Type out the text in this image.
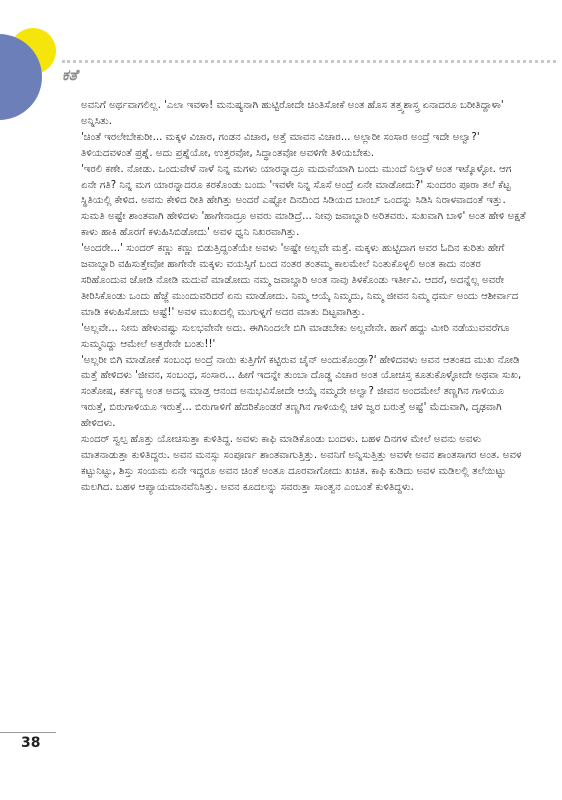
ಕತೆ

ಅವನಿಗೆ ಅರ್ಥವಾಗಲಿಲ್ಲ. 'ಎಲಾ ಇವಳಾ! ಮನುಷ್ಯನಾಗಿ ಹುಟ್ಟಿರೋದೇ ಚಿಂತಿಸೋಕೆ ಅಂತ ಹೊಸ ತತ್ತ್ವಶಾಸ್ತ್ರ ಏನಾದರೂ ಬರೀತಿದ್ದಾಳಾ' ಅನ್ನಿಸಿತು.

'ಚಿಂತೆ ಇರಲೇಬೇಕುರೀ... ಮಕ್ಕಳ ವಿಚಾರ, ಗಂಡನ ವಿಚಾರ, ಅತ್ತೆ ಮಾವನ ವಿಚಾರ... ಅಲ್ಲಾರೀ ಸಂಸಾರ ಅಂದ್ರೆ ಇದೇ ಅಲ್ವಾ?' ತಿಳಿಯದವಳಂತೆ ಪ್ರಶ್ನೆ. ಅದು ಪ್ರಶ್ನೆಯೋ, ಉತ್ತರವೋ, ಸಿದ್ಧಾಂತವೋ ಅವಳಿಗೇ ತಿಳಿಯಬೇಕು.

'ಇರಲಿ ಕಣೇ. ನೋಡು. ಒಂದುವೇಳೆ ನಾಳೆ ನಿನ್ನ ಮಗಳು ಯಾರನ್ನಾದ್ರೂ ಮದುವೆಯಾಗಿ ಬಂದು ಮುಂದೆ ನಿಲ್ತಾಳೆ ಅಂತ ಇಟ್ಕೊಳ್ಳೋ. ಆಗ ಏನೇ ಗತಿ? ನಿನ್ನ ಮಗ ಯಾರನ್ನಾದರೂ ಕರಕೊಂಡು ಬಂದು 'ಇವಳೇ ನಿನ್ನ ಸೊಸೆ ಅಂದ್ರೆ ಏನೇ ಮಾಡೋದು?' ಸುಂದರಂ ಪೂರಾ ತಲೆ ಕೆಟ್ಟ ಸ್ಥಿತಿಯಲ್ಲಿ ಕೇಳಿದ. ಅವನು ಕೇಳಿದ ರೀತಿ ಹೇಗಿತ್ತು ಅಂದರೆ ಎಷ್ಟೋ ದಿನದಿಂದ ಸಿಡಿಯದ ಬಾಂಬ್ ಒಂದನ್ನು ಸಿಡಿಸಿ ನಿರಾಳವಾದಂತೆ ಇತ್ತು.

ಸುಮತಿ ಅಷ್ಟೇ ಶಾಂತವಾಗಿ ಹೇಳಿದಳು 'ಹಾಗೇನಾದ್ರೂ ಅವರು ಮಾಡಿದ್ರೆ... ನೀವು ಜವಾಬ್ದಾರಿ ಅರಿತವರು. ಸುಖವಾಗಿ ಬಾಳಿ' ಅಂತ ಹೇಳಿ ಅಕ್ಷತೆ ಕಾಳು ಹಾಕಿ ಹೊರಗೆ ಕಳುಹಿಸಿಬಿಡೋದು' ಅವಳ ಧ್ವನಿ ನಿಖರವಾಗಿತ್ತು.

'ಅಂದರೇ...' ಸುಂದರ್ ಕಣ್ಣು ಕಣ್ಣು ಬಿಡುತ್ತಿದ್ದಂತೆಯೇ ಅವಳು 'ಅಷ್ಟೇ ಅಲ್ಲವೇ ಮತ್ತೆ. ಮಕ್ಕಳು ಹುಟ್ಟಿದಾಗ ಅವರ ಓದಿನ ಕುರಿತು ಹೇಗೆ ಜವಾಬ್ದಾರಿ ವಹಿಸುತ್ತೇವೋ ಹಾಗೇನೇ ಮಕ್ಕಳು ವಯಸ್ಸಿಗೆ ಬಂದ ನಂತರ ತಂತಮ್ಮ ಕಾಲಮೇಲೆ ನಿಂತುಕೊಳ್ಳಲಿ ಅಂತ ಕಾದು ನಂತರ ಸರಿಹೊಂದುವ ಜೋಡಿ ನೋಡಿ ಮದುವೆ ಮಾಡೋದು ನಮ್ಮ ಜವಾಬ್ದಾರಿ ಅಂತ ನಾವು ತಿಳಕೊಂಡು ಇರ್ತೀವಿ. ಆದರೆ, ಅದನ್ನೆಲ್ಲ ಅವರೇ ತೀರಿಸಿಕೊಂಡು ಒಂದು ಹೆಜ್ಜೆ ಮುಂದುವರಿದರೆ ಏನು ಮಾಡೋದು. ನಿಮ್ಮ ಆಯ್ಕೆ ನಿಮ್ಮದು, ನಿಮ್ಮ ಜೀವನ ನಿಮ್ಮ ಧರ್ಮ ಅಂದು ಆಶೀರ್ವಾದ ಮಾಡಿ ಕಳುಹಿಸೋದು ಅಷ್ಟೆ!' ಅವಳ ಮುಖದಲ್ಲಿ ಮುಗುಳ್ನಗೆ ಅದರ ಮಾತು ದಿಟ್ಟವಾಗಿತ್ತು.

'ಅಲ್ಲವೇ... ನೀನು ಹೇಳುವಷ್ಟು ಸುಲಭವೇನೇ ಅದು. ಈಗಿನಿಂದಲೇ ಬಿಗಿ ಮಾಡಬೇಕು ಅಲ್ಲವೇನೇ. ಹಾಗೆ ಹದ್ದು ಮೀರಿ ನಡೆಯುವವರೆಗೂ ಸುಮ್ಮನಿದ್ದು ಆಮೇಲೆ ಅತ್ತರೇನೇ ಬಂತು!!'

'ಅಲ್ಲರೀ ಬಿಗಿ ಮಾಡೋಕೆ ಸಂಬಂಧ ಅಂದ್ರೆ ನಾಯಿ ಕುತ್ತಿಗೆಗೆ ಕಟ್ಟಿರುವ ಚೈನ್ ಅಂದುಕೊಂಡ್ರಾ?' ಹೇಳಿದವಳು ಅವನ ಆತಂಕದ ಮುಖ ನೋಡಿ ಮತ್ತೆ ಹೇಳಿದಳು 'ಜೀವನ, ಸಂಬಂಧ, ಸಂಸಾರ... ಹೀಗೆ ಇದನ್ನೇ ತುಂಬಾ ದೊಡ್ಡ ವಿಚಾರ ಅಂತ ಯೋಚಿಸ್ತ ಕೂತುಕೊಳ್ಳೋದೇ ಅಥವಾ ಸುಖ, ಸಂತೋಷ, ಕರ್ತವ್ಯ ಅಂತ ಅದನ್ನ ಮಾಡ್ತ ಆನಂದ ಅನುಭವಿಸೋದೇ ಆಯ್ಕೆ ನಮ್ಮದೇ ಅಲ್ವಾ? ಜೀವನ ಅಂದಮೇಲೆ ತಣ್ಣಗಿನ ಗಾಳಿಯೂ ಇರುತ್ತೆ, ಬಿರುಗಾಳಿಯೂ ಇರುತ್ತೆ... ಬಿರುಗಾಳಿಗೆ ಹೆದರಿಕೊಂಡರೆ ತಣ್ಣಗಿನ ಗಾಳಿಯಲ್ಲಿ ಚಳಿ ಜ್ವರ ಬರುತ್ತೆ ಅಷ್ಟೆ' ಮೆದುವಾಗಿ, ದೃಢವಾಗಿ ಹೇಳಿದಳು.

ಸುಂದರ್ ಸ್ವಲ್ಪ ಹೊತ್ತು ಯೋಚಿಸುತ್ತಾ ಕುಳಿತಿದ್ದ. ಅವಳು ಕಾಫಿ ಮಾಡಿಕೊಂಡು ಬಂದಳು. ಬಹಳ ದಿನಗಳ ಮೇಲೆ ಅವನು ಅವಳು ಮಾತನಾಡುತ್ತಾ ಕುಳಿತಿದ್ದರು. ಅವನ ಮನಸ್ಸು ಸಂಪೂರ್ಣ ಶಾಂತವಾಗುತ್ತಿತ್ತು. ಅವನಿಗೆ ಅನ್ನಿಸುತ್ತಿತ್ತು ಅವಳೇ ಅವನ ಶಾಂತಸಾಗರ ಅಂತ. ಅವಳ ಕಟ್ಟುನಿಟ್ಟು, ಶಿಸ್ತು ಸಂಯಮ ಏನೇ ಇದ್ದರೂ ಅವನ ಚಿಂತೆ ಅಂತೂ ದೂರವಾಗೋದು ಖಚಿತ. ಕಾಫಿ ಕುಡಿದು ಅವಳ ಮಡಿಲಲ್ಲಿ ತಲೆಯಿಟ್ಟು ಮಲಗಿದ. ಬಹಳ ಆಪ್ಯಾಯಮಾನವೆನಿಸಿತ್ತು. ಅವನ ಕೂದಲನ್ನು ಸವರುತ್ತಾ ಸಾಂತ್ವನ ಎಂಬಂತೆ ಕುಳಿತಿದ್ದಳು.

38
